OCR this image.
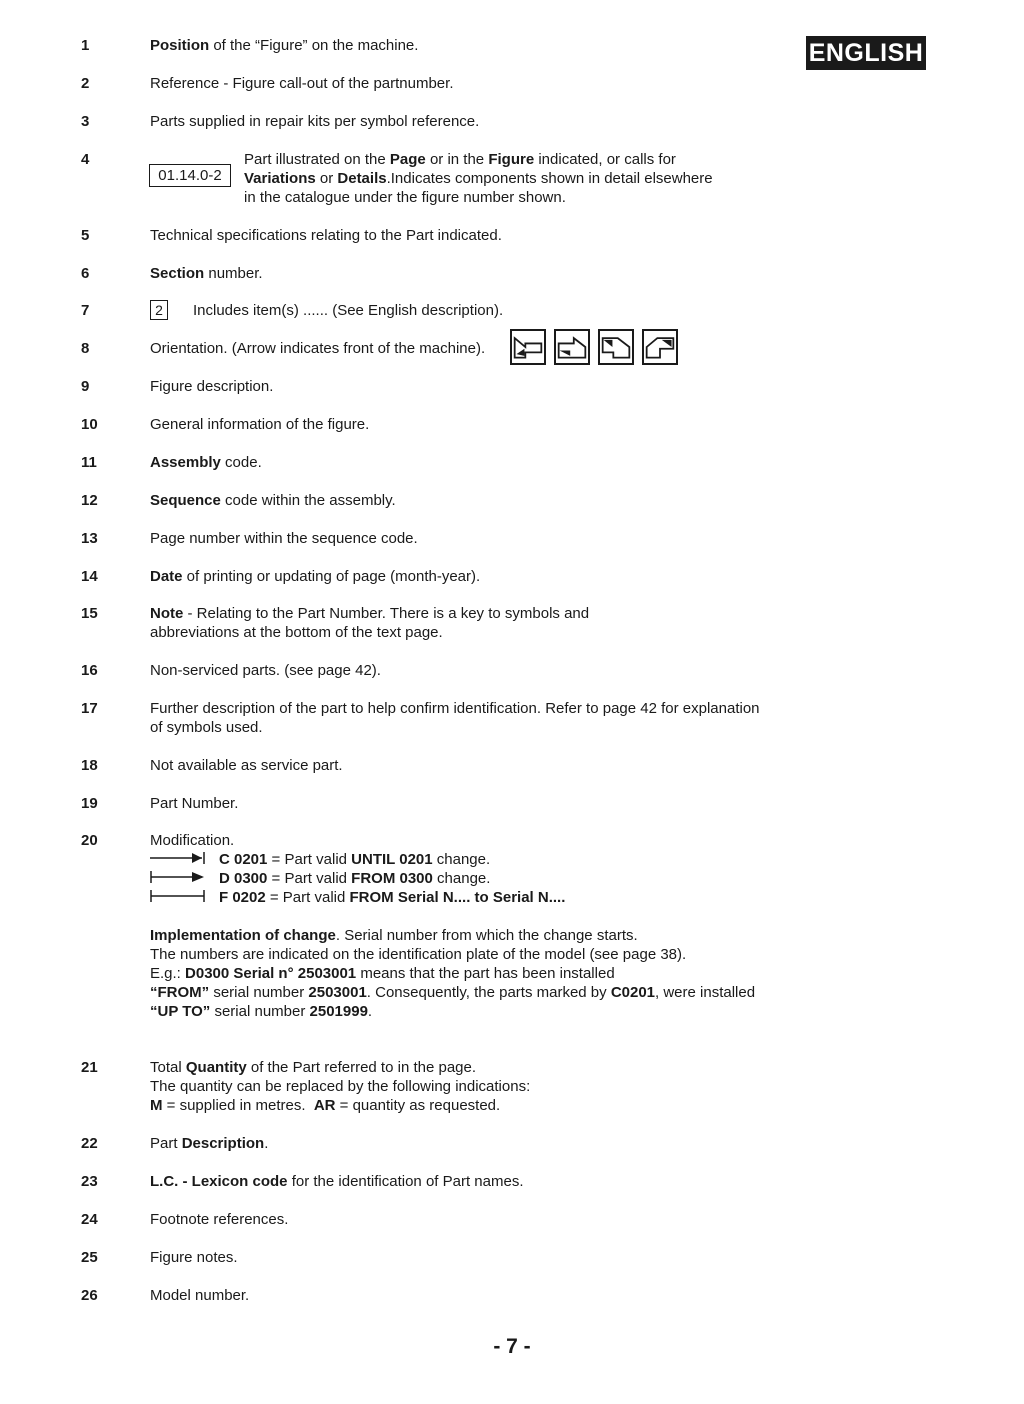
ENGLISH
1
2
3
4
5
6
7
8
9
10
11
12
13
14
15
16
17
18
19
20
21
22
23
24
25
26
Position of the “Figure” on the machine.
Reference - Figure call-out of the partnumber.
Parts supplied in repair kits per symbol reference.
01.14.0-2
Part illustrated on the Page or in the Figure indicated, or calls for
Variations or Details.Indicates components shown in detail elsewhere
in the catalogue under the figure number shown.
Technical specifications relating to the Part indicated.
Section number.
2	Includes item(s) ...... (See English description).
Orientation. (Arrow indicates front of the machine).
Figure description.
General information of the figure.
Assembly code.
Sequence code within the assembly.
Page number within the sequence code.
Date of printing or updating of page (month-year).
Note - Relating to the Part Number. There is a key to symbols and
abbreviations at the bottom of the text page.
Non-serviced parts. (see page 42).
Further description of the part to help confirm identification. Refer to page 42 for explanation
of symbols used.
Not available as service part.
Part Number.
Modification.
C 0201 = Part valid UNTIL 0201 change.
D 0300 = Part valid FROM 0300 change.
F 0202 = Part valid FROM Serial N.... to Serial N....
Implementation of change. Serial number from which the change starts.
The numbers are indicated on the identification plate of the model (see page 38).
E.g.: D0300 Serial n° 2503001 means that the part has been installed
“FROM” serial number 2503001. Consequently, the parts marked by C0201, were installed
“UP TO” serial number 2501999.
Total Quantity of the Part referred to in the page.
The quantity can be replaced by the following indications:
M = supplied in metres.  AR = quantity as requested.
Part Description.
L.C. - Lexicon code for the identification of Part names.
Footnote references.
Figure notes.
Model number.
- 7 -
